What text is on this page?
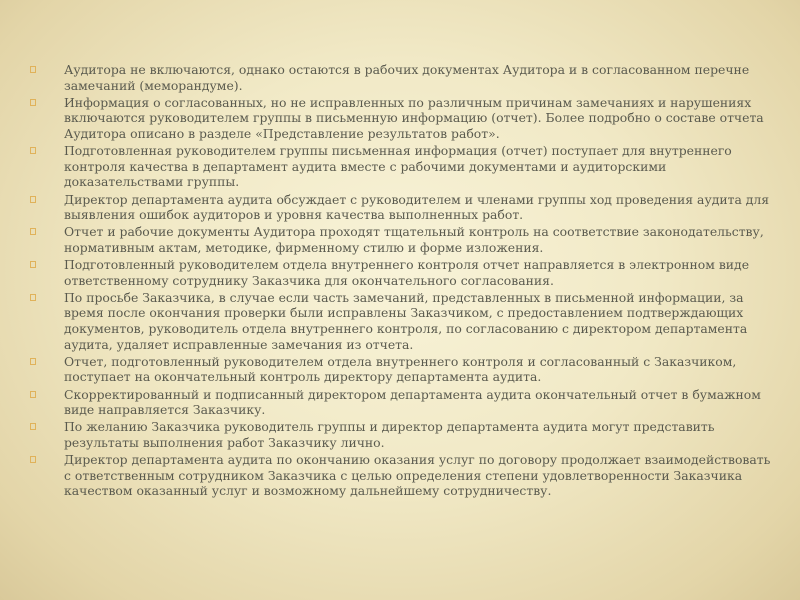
Аудитора не включаются, однако остаются в рабочих документах Аудитора и в согласованном перечне замечаний (меморандуме).
Информация о согласованных, но не исправленных по различным причинам замечаниях и нарушениях включаются руководителем группы в письменную информацию (отчет). Более подробно о составе отчета Аудитора описано в разделе «Представление результатов работ».
Подготовленная руководителем группы письменная информация (отчет) поступает для внутреннего контроля качества в департамент аудита вместе с рабочими документами и аудиторскими доказательствами группы.
Директор департамента аудита обсуждает с руководителем и членами группы ход проведения аудита для выявления ошибок аудиторов и уровня качества выполненных работ.
Отчет и рабочие документы Аудитора проходят тщательный контроль на соответствие законодательству, нормативным актам, методике, фирменному стилю и форме изложения.
Подготовленный руководителем отдела внутреннего контроля отчет направляется в электронном виде ответственному сотруднику Заказчика для окончательного согласования.
По просьбе Заказчика, в случае если часть замечаний, представленных в письменной информации, за время после окончания проверки были исправлены Заказчиком, с предоставлением подтверждающих документов, руководитель отдела внутреннего контроля, по согласованию с директором департамента аудита, удаляет исправленные замечания из отчета.
Отчет, подготовленный руководителем отдела внутреннего контроля и согласованный с Заказчиком, поступает на окончательный контроль директору департамента аудита.
Скорректированный и подписанный директором департамента аудита окончательный отчет в бумажном виде направляется Заказчику.
По желанию Заказчика руководитель группы и директор департамента аудита могут представить результаты выполнения работ Заказчику лично.
Директор департамента аудита по окончанию оказания услуг по договору продолжает взаимодействовать с ответственным сотрудником Заказчика с целью определения степени удовлетворенности Заказчика качеством оказанный услуг и возможному дальнейшему сотрудничеству.
